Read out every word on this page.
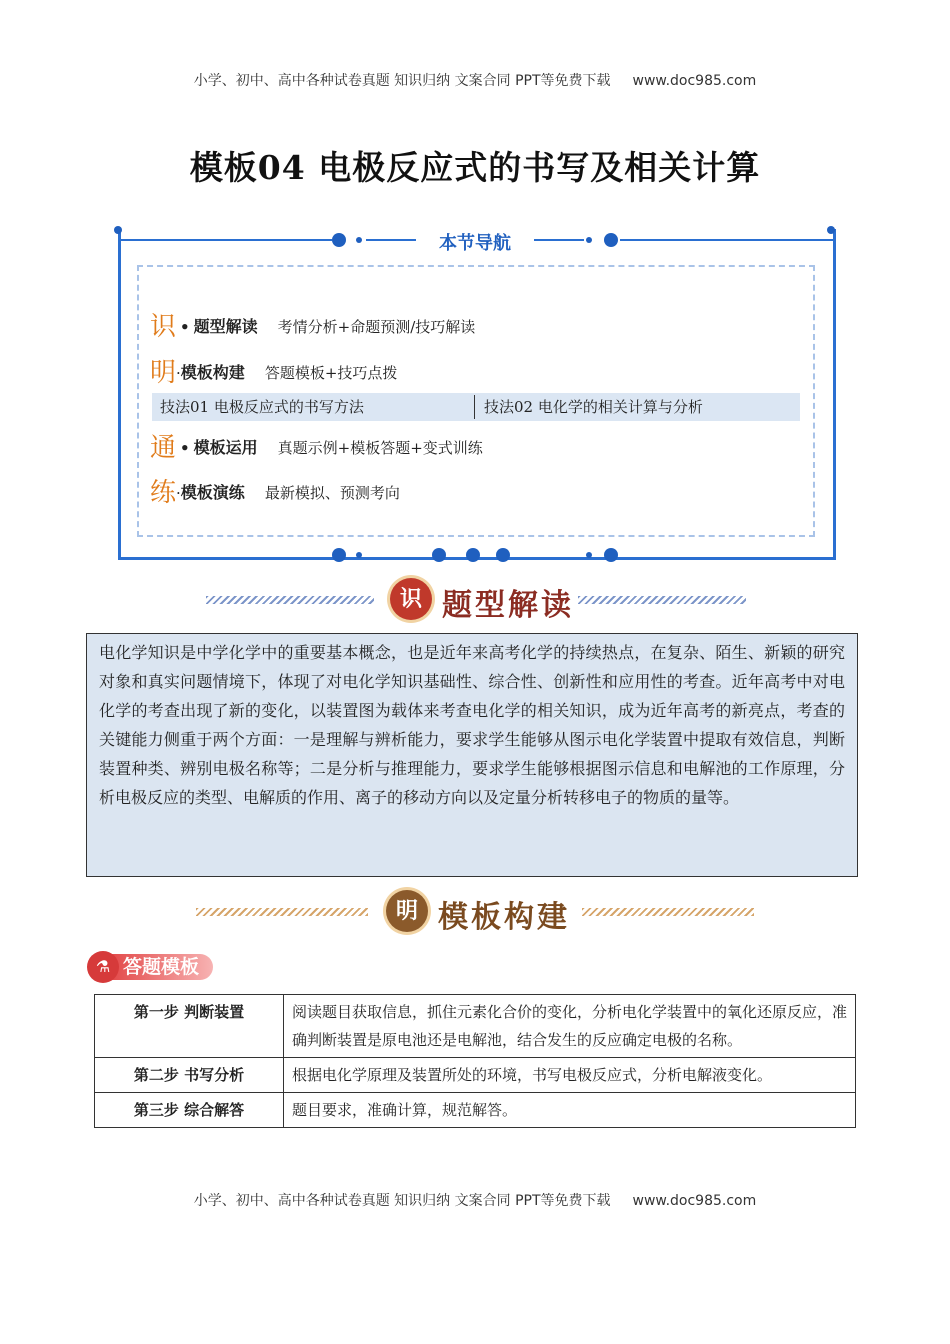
小学、初中、高中各种试卷真题 知识归纳 文案合同 PPT等免费下载 www.doc985.com
模板04 电极反应式的书写及相关计算
本节导航
识 • 题型解读 考情分析+命题预测/技巧解读
明·模板构建 答题模板+技巧点拨
技法01 电极反应式的书写方法	技法02 电化学的相关计算与分析
通 • 模板运用 真题示例+模板答题+变式训练
练·模板演练 最新模拟、预测考向
识 题型解读
电化学知识是中学化学中的重要基本概念，也是近年来高考化学的持续热点，在复杂、陌生、新颖的研究对象和真实问题情境下，体现了对电化学知识基础性、综合性、创新性和应用性的考查。近年高考中对电化学的考查出现了新的变化，以装置图为载体来考查电化学的相关知识，成为近年高考的新亮点，考查的关键能力侧重于两个方面：一是理解与辨析能力，要求学生能够从图示电化学装置中提取有效信息，判断装置种类、辨别电极名称等；二是分析与推理能力，要求学生能够根据图示信息和电解池的工作原理，分析电极反应的类型、电解质的作用、离子的移动方向以及定量分析转移电子的物质的量等。
明 模板构建
答题模板
⚗
第一步 判断装置	阅读题目获取信息，抓住元素化合价的变化，分析电化学装置中的氧化还原反应，准确判断装置是原电池还是电解池，结合发生的反应确定电极的名称。
第二步 书写分析	根据电化学原理及装置所处的环境，书写电极反应式，分析电解液变化。
第三步 综合解答	题目要求，准确计算，规范解答。
小学、初中、高中各种试卷真题 知识归纳 文案合同 PPT等免费下载 www.doc985.com
